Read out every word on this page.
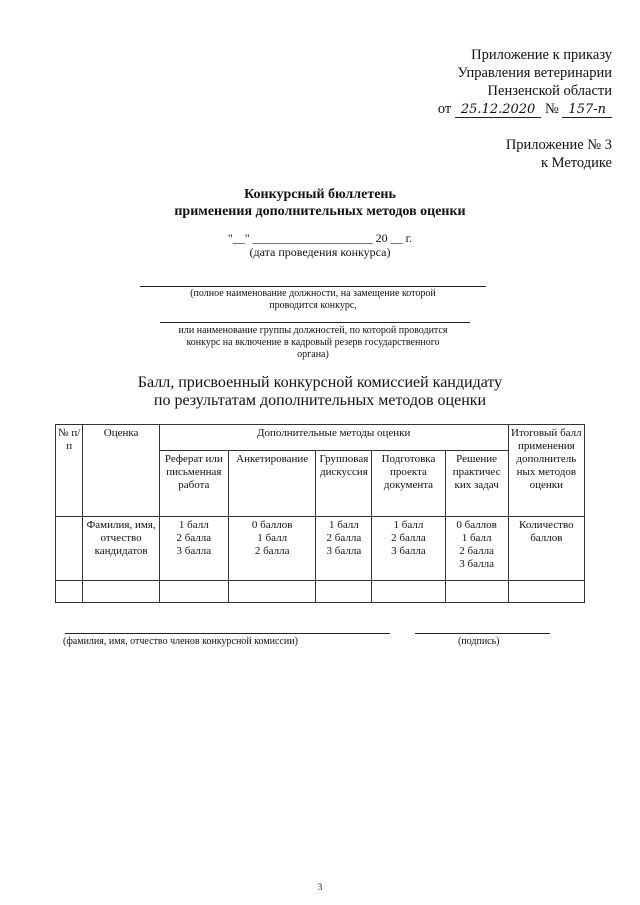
Приложение к приказу
Управления ветеринарии
Пензенской области
от 25.12.2020 № 157-п
Приложение № 3
к Методике
Конкурсный бюллетень
применения дополнительных методов оценки
"__" ____________________ 20 __ г.
(дата проведения конкурса)
(полное наименование должности, на замещение которой
проводится конкурс,
или наименование группы должностей, по которой проводится
конкурс на включение в кадровый резерв государственного
органа)
Балл, присвоенный конкурсной комиссией кандидату
по результатам дополнительных методов оценки
№ п/п	Оценка	Дополнительные методы оценки					Итоговый балл применения дополнитель ных методов оценки
		Реферат или письменная работа	Анкетирование	Групповая дискуссия	Подготовка проекта документа	Решение практичес ких задач	
	Фамилия, имя, отчество кандидатов	1 балл
2 балла
3 балла	0 баллов
1 балл
2 балла	1 балл
2 балла
3 балла	1 балл
2 балла
3 балла	0 баллов
1 балл
2 балла
3 балла	Количество баллов

(фамилия, имя, отчество членов конкурсной комиссии)	(подпись)
3
